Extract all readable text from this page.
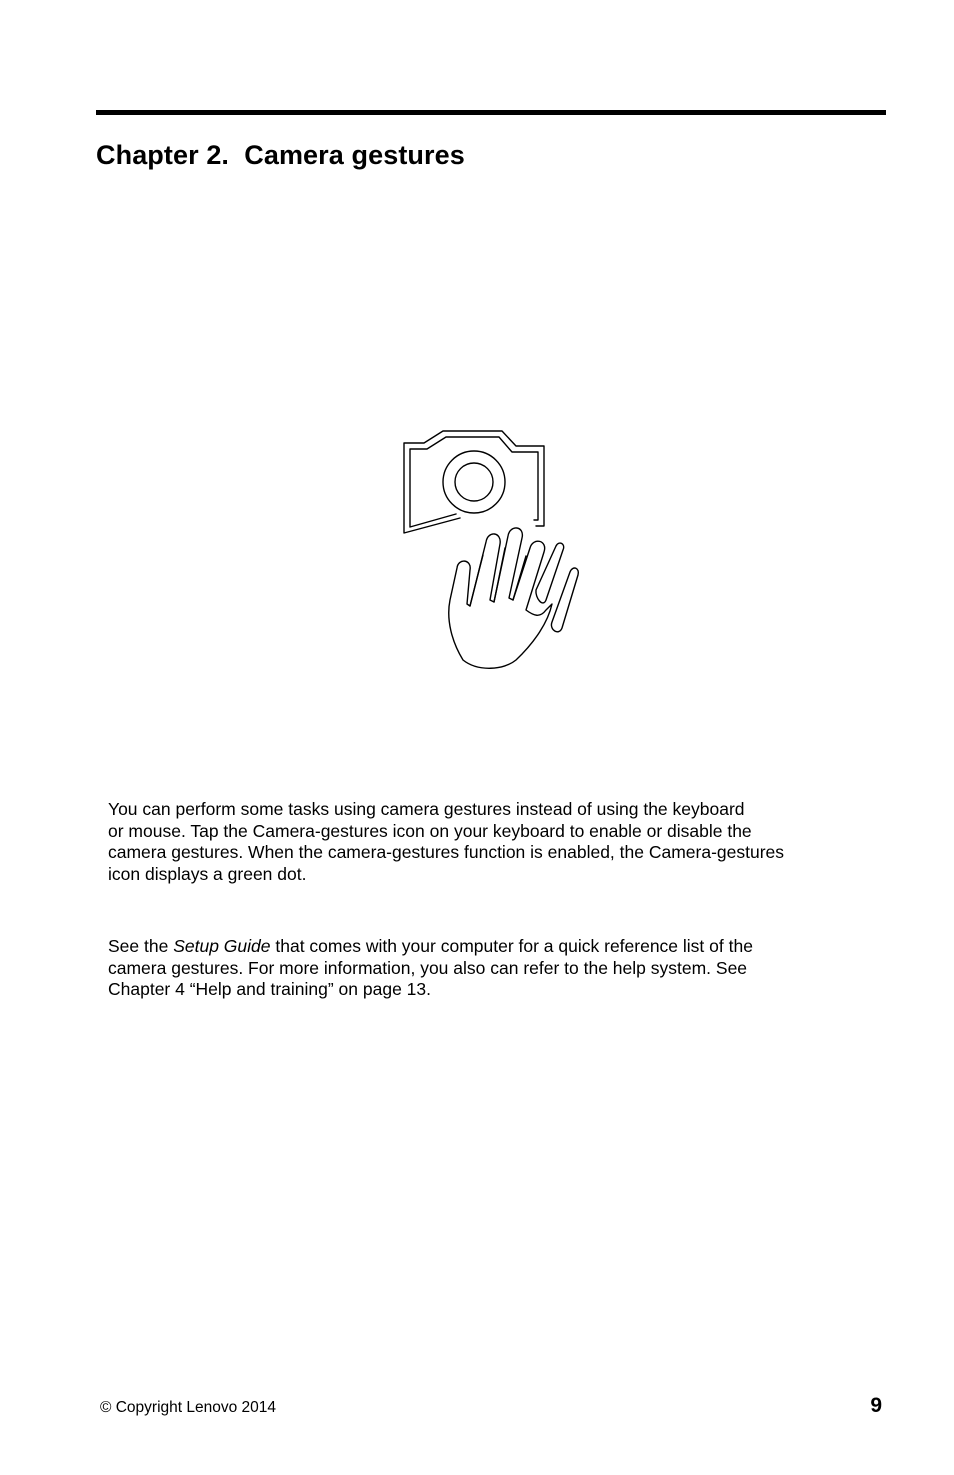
Chapter 2.  Camera gestures

You can perform some tasks using camera gestures instead of using the keyboard
or mouse. Tap the Camera-gestures icon on your keyboard to enable or disable the
camera gestures. When the camera-gestures function is enabled, the Camera-gestures
icon displays a green dot.

See the Setup Guide that comes with your computer for a quick reference list of the
camera gestures. For more information, you also can refer to the help system. See
Chapter 4 “Help and training” on page 13.

© Copyright Lenovo 2014	9
